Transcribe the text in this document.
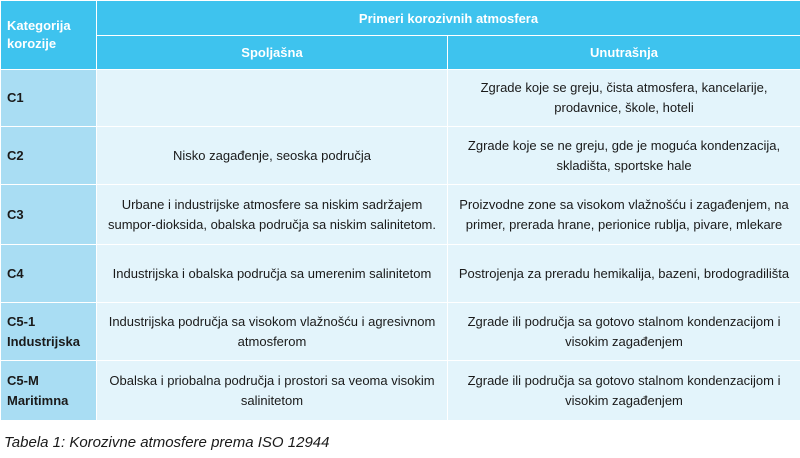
Kategorija
korozije	Primeri korozivnih atmosfera	
	Spoljašna	Unutrašnja

C1		Zgrade koje se greju, čista atmosfera, kancelarije, prodavnice, škole, hoteli

C2	Nisko zagađenje, seoska područja	Zgrade koje se ne greju, gde je moguća kondenzacija, skladišta, sportske hale

C3	Urbane i industrijske atmosfere sa niskim sadržajem sumpor-dioksida, obalska područja sa niskim salinitetom.	Proizvodne zone sa visokom vlažnošću i zagađenjem, na primer, prerada hrane, perionice rublja, pivare, mlekare

C4	Industrijska i obalska područja sa umerenim salinitetom	Postrojenja za preradu hemikalija, bazeni, brodogradilišta

C5-1
Industrijska	Industrijska područja sa visokom vlažnošću i agresivnom atmosferom	Zgrade ili područja sa gotovo stalnom kondenzacijom i visokim zagađenjem

C5-M
Maritimna	Obalska i priobalna područja i prostori sa veoma visokim salinitetom	Zgrade ili područja sa gotovo stalnom kondenzacijom i visokim zagađenjem
Tabela 1: Korozivne atmosfere prema ISO 12944
